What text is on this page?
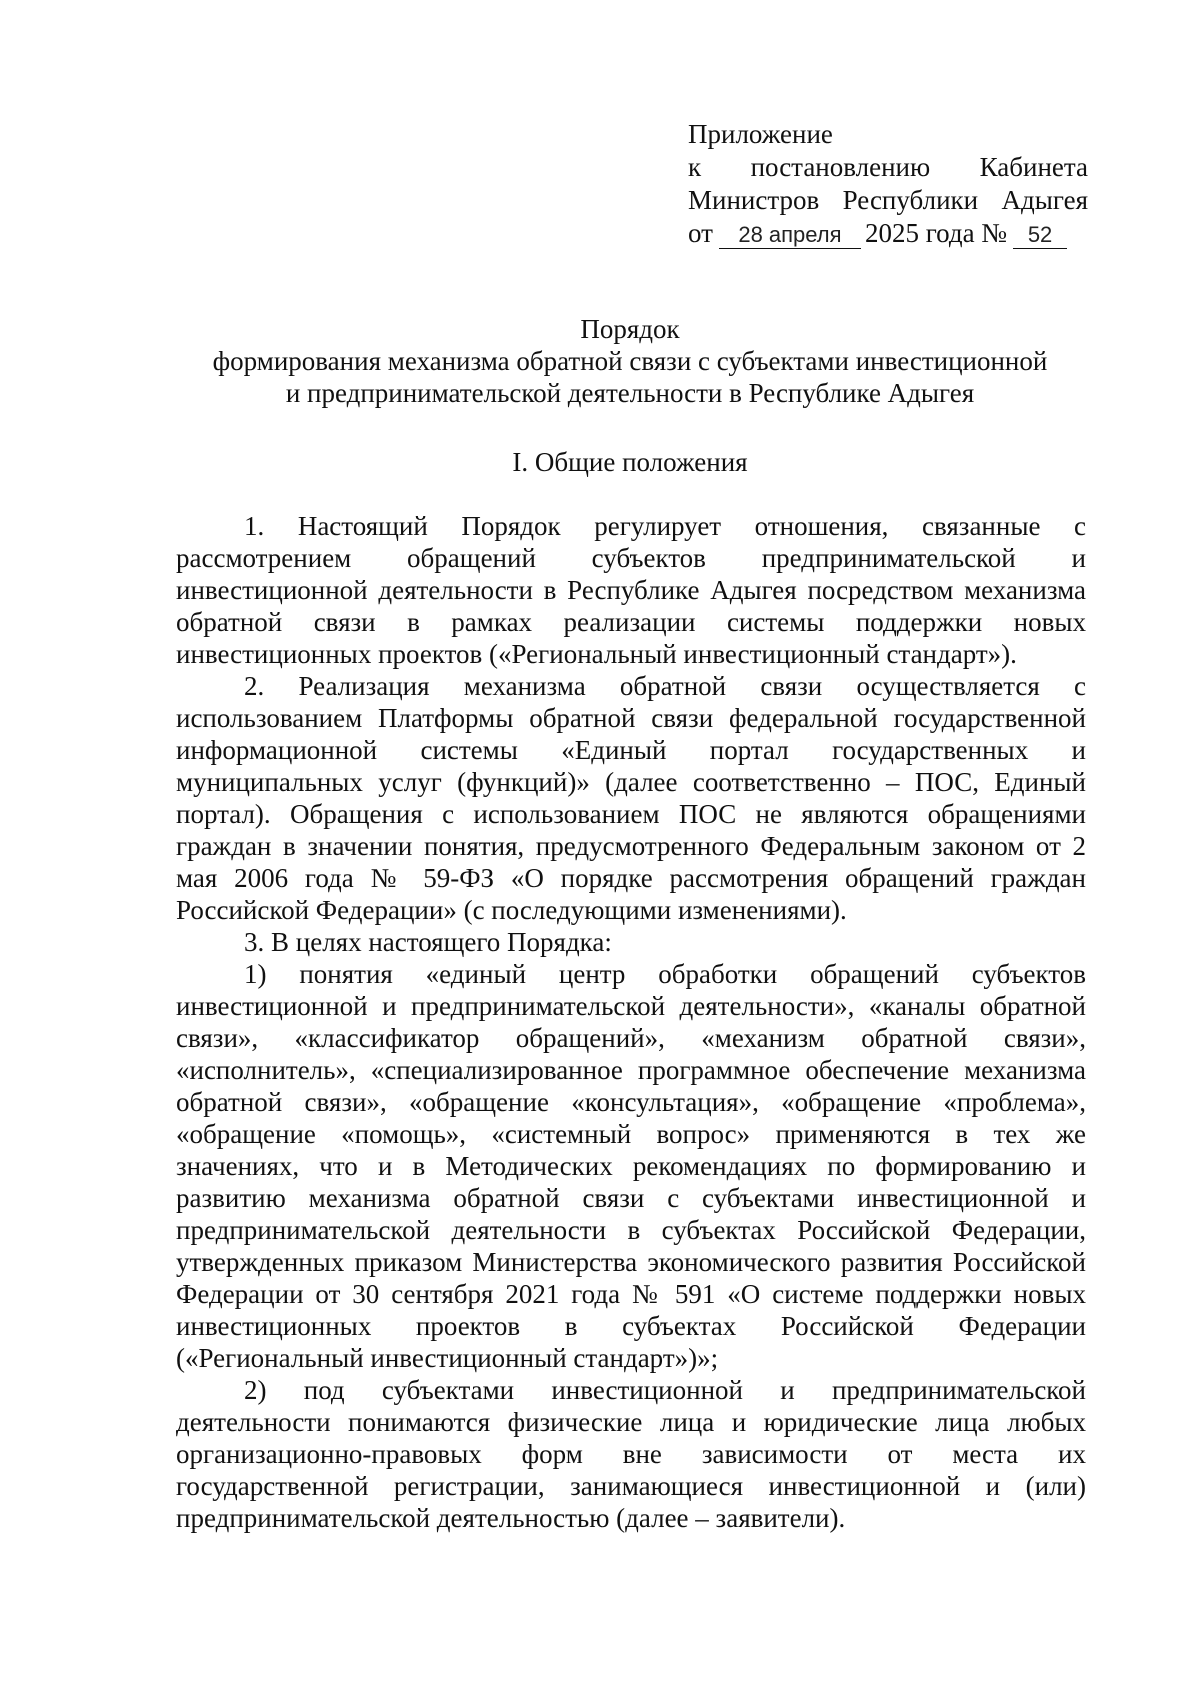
Приложение
к постановлению Кабинета
Министров Республики Адыгея
от	28 апреля 2025 года № 52
Порядок
формирования механизма обратной связи с субъектами инвестиционной
и предпринимательской деятельности в Республике Адыгея
I. Общие положения

1. Настоящий Порядок регулирует отношения, связанные с рассмотрением обращений субъектов предпринимательской и инвестиционной деятельности в Республике Адыгея посредством механизма обратной связи в рамках реализации системы поддержки новых инвестиционных проектов («Региональный инвестиционный стандарт»).

2. Реализация механизма обратной связи осуществляется с использованием Платформы обратной связи федеральной государственной информационной системы «Единый портал государственных и муниципальных услуг (функций)» (далее соответственно – ПОС, Единый портал). Обращения с использованием ПОС не являются обращениями граждан в значении понятия, предусмотренного Федеральным законом от 2 мая 2006 года № 59-ФЗ «О порядке рассмотрения обращений граждан Российской Федерации» (с последующими изменениями).

3. В целях настоящего Порядка:

1) понятия «единый центр обработки обращений субъектов инвестиционной и предпринимательской деятельности», «каналы обратной связи», «классификатор обращений», «механизм обратной связи», «исполнитель», «специализированное программное обеспечение механизма обратной связи», «обращение «консультация», «обращение «проблема», «обращение «помощь», «системный вопрос» применяются в тех же значениях, что и в Методических рекомендациях по формированию и развитию механизма обратной связи с субъектами инвестиционной и предпринимательской деятельности в субъектах Российской Федерации, утвержденных приказом Министерства экономического развития Российской Федерации от 30 сентября 2021 года № 591 «О системе поддержки новых инвестиционных проектов в субъектах Российской Федерации («Региональный инвестиционный стандарт»)»;

2) под субъектами инвестиционной и предпринимательской деятельности понимаются физические лица и юридические лица любых организационно-правовых форм вне зависимости от места их государственной регистрации, занимающиеся инвестиционной и (или) предпринимательской деятельностью (далее – заявители).
